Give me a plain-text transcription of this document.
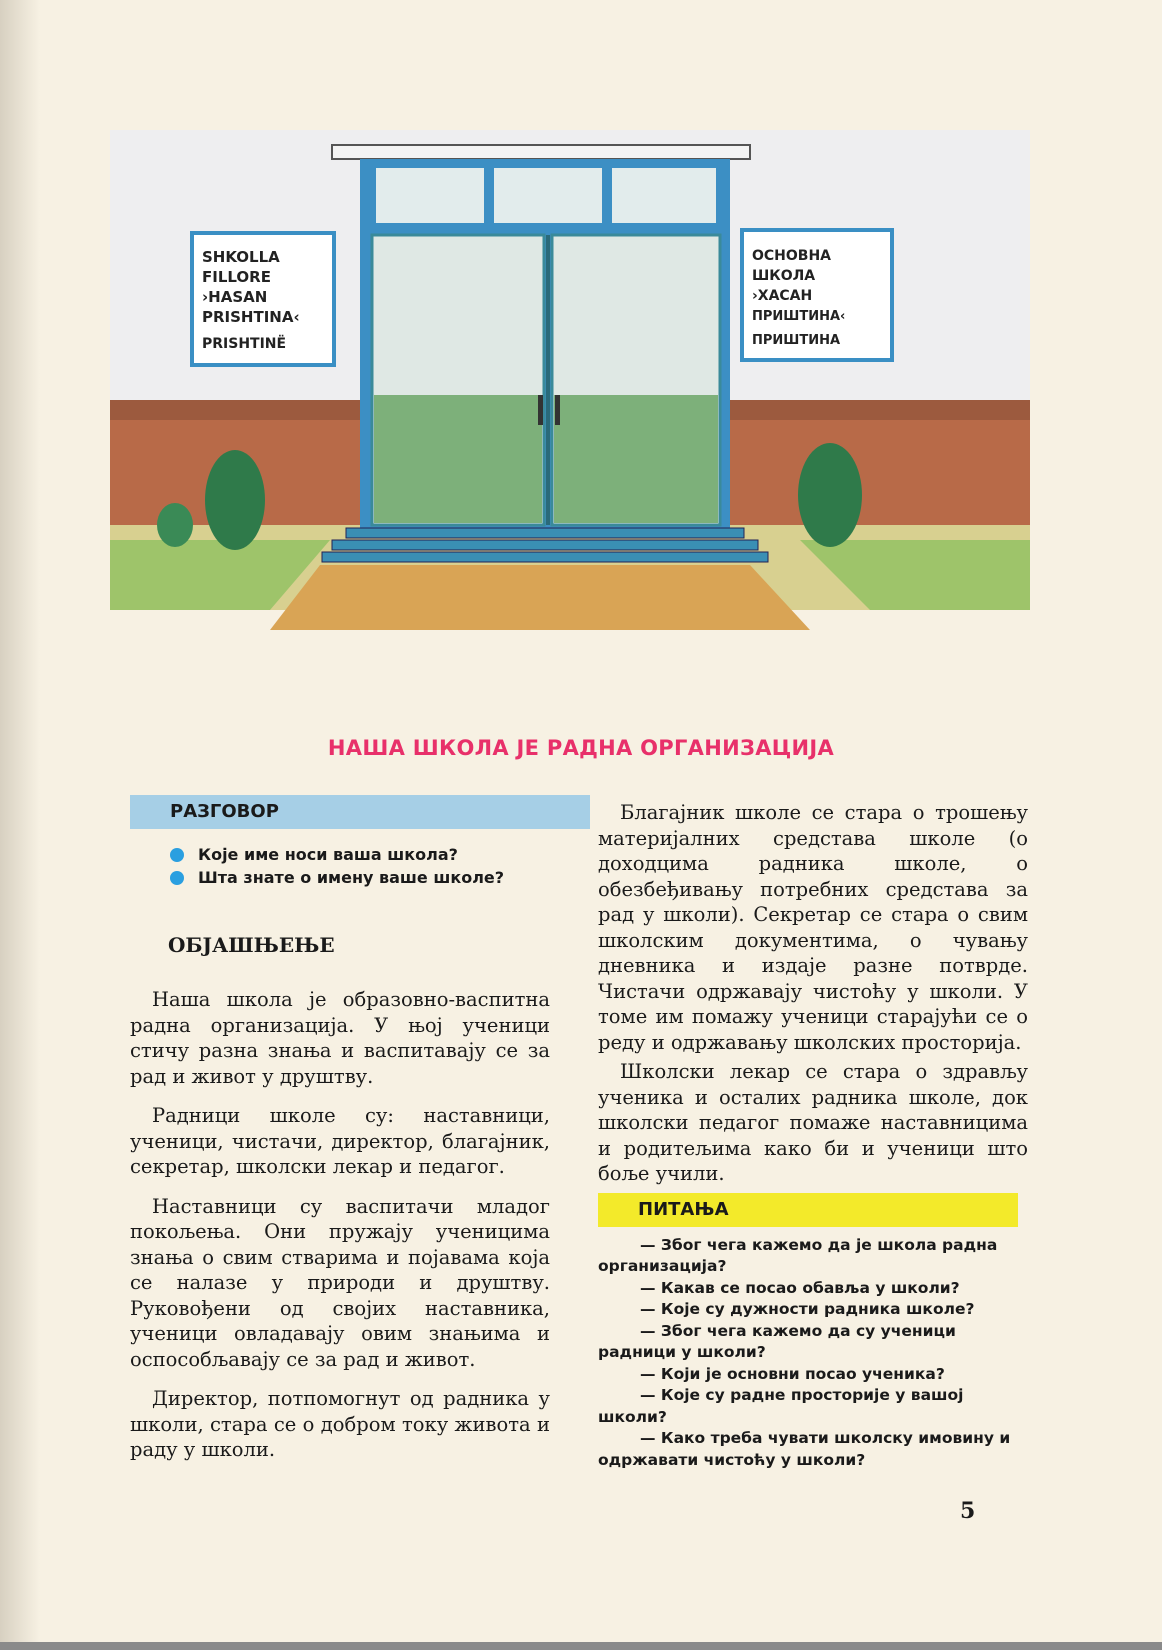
SHKOLLA
FILLORE
›HASAN
PRISHTINA‹
PRISHTINË
ОСНОВНА
ШКОЛА
›ХАСАН
ПРИШТИНА‹
ПРИШТИНА
НАША ШКОЛА ЈЕ РАДНА ОРГАНИЗАЦИЈА
РАЗГОВОР
Које име носи ваша школа?
Шта знате о имену ваше школе?
ОБЈАШЊЕЊЕ

Наша школа је образовно-васпитна радна организација. У њој ученици стичу разна знања и васпитавају се за рад и живот у друштву.

Радници школе су: наставници, ученици, чистачи, директор, благајник, секретар, школски лекар и педагог.

Наставници су васпитачи младог покољења. Они пружају ученицима знања о свим стварима и појавама која се налазе у природи и друштву. Руковођени од својих наставника, ученици овладавају овим знањима и оспособљавају се за рад и живот.

Директор, потпомогнут од радника у школи, стара се о добром току живота и раду у школи.

Благајник школе се стара о трошењу материјалних средстава школе (о доходцима радника школе, о обезбеђивању потребних средстава за рад у школи). Секретар се стара о свим школским документима, о чувању дневника и издаје разне потврде. Чистачи одржавају чистоћу у школи. У томе им помажу ученици старајући се о реду и одржавању школских просторија.

Школски лекар се стара о здрављу ученика и осталих радника школе, док школски педагог помаже наставницима и родитељима како би и ученици што боље учили.

ПИТАЊА
— Због чега кажемо да је школа радна организација?
— Какав се посао обавља у школи?
— Које су дужности радника школе?
— Због чега кажемо да су ученици радници у школи?
— Који је основни посао ученика?
— Које су радне просторије у вашој школи?
— Како треба чувати школску имовину и одржавати чистоћу у школи?
5
